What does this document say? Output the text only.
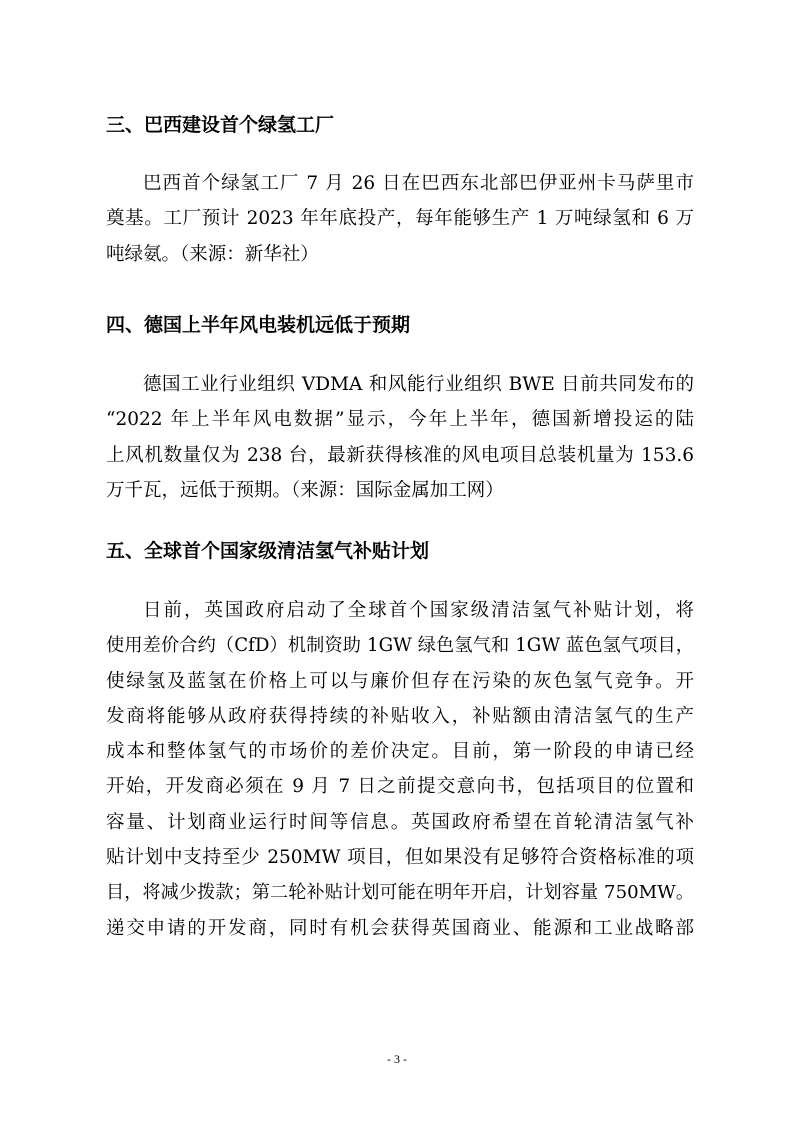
三、巴西建设首个绿氢工厂
巴西首个绿氢工厂 7 月 26 日在巴西东北部巴伊亚州卡马萨里市
奠基。工厂预计 2023 年年底投产，每年能够生产 1 万吨绿氢和 6 万
吨绿氨。（来源：新华社）
四、德国上半年风电装机远低于预期
德国工业行业组织 VDMA 和风能行业组织 BWE 日前共同发布的
“2022 年上半年风电数据”显示，今年上半年，德国新增投运的陆
上风机数量仅为 238 台，最新获得核准的风电项目总装机量为 153.6
万千瓦，远低于预期。（来源：国际金属加工网）
五、全球首个国家级清洁氢气补贴计划
日前，英国政府启动了全球首个国家级清洁氢气补贴计划，将
使用差价合约（CfD）机制资助 1GW 绿色氢气和 1GW 蓝色氢气项目，
使绿氢及蓝氢在价格上可以与廉价但存在污染的灰色氢气竞争。开
发商将能够从政府获得持续的补贴收入，补贴额由清洁氢气的生产
成本和整体氢气的市场价的差价决定。目前，第一阶段的申请已经
开始，开发商必须在 9 月 7 日之前提交意向书，包括项目的位置和
容量、计划商业运行时间等信息。英国政府希望在首轮清洁氢气补
贴计划中支持至少 250MW 项目，但如果没有足够符合资格标准的项
目，将减少拨款；第二轮补贴计划可能在明年开启，计划容量 750MW。
递交申请的开发商，同时有机会获得英国商业、能源和工业战略部
- 3 -
